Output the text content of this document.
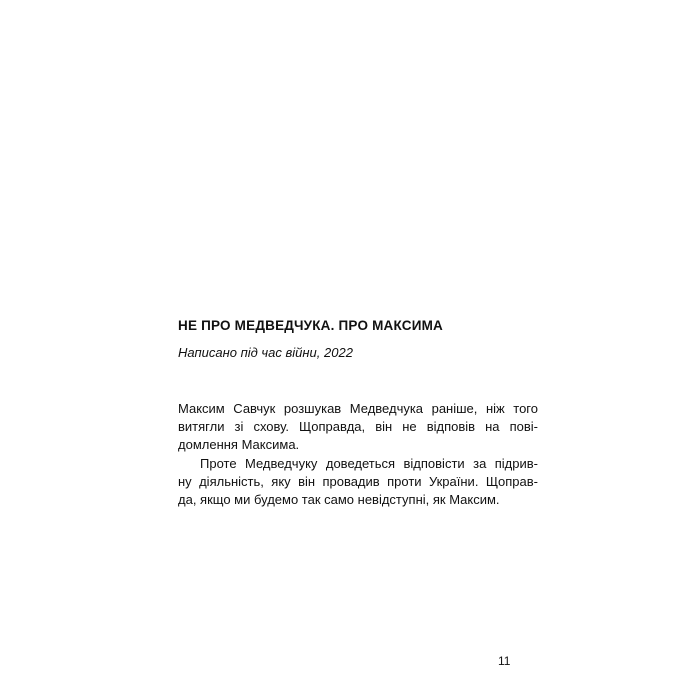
НЕ ПРО МЕДВЕДЧУКА. ПРО МАКСИМА
Написано під час війни, 2022
Максим Савчук розшукав Медведчука раніше, ніж того
витягли зі схову. Щоправда, він не відповів на пові-
домлення Максима.
Проте Медведчуку доведеться відповісти за підрив-
ну діяльність, яку він провадив проти України. Щоправ-
да, якщо ми будемо так само невідступні, як Максим.
11
